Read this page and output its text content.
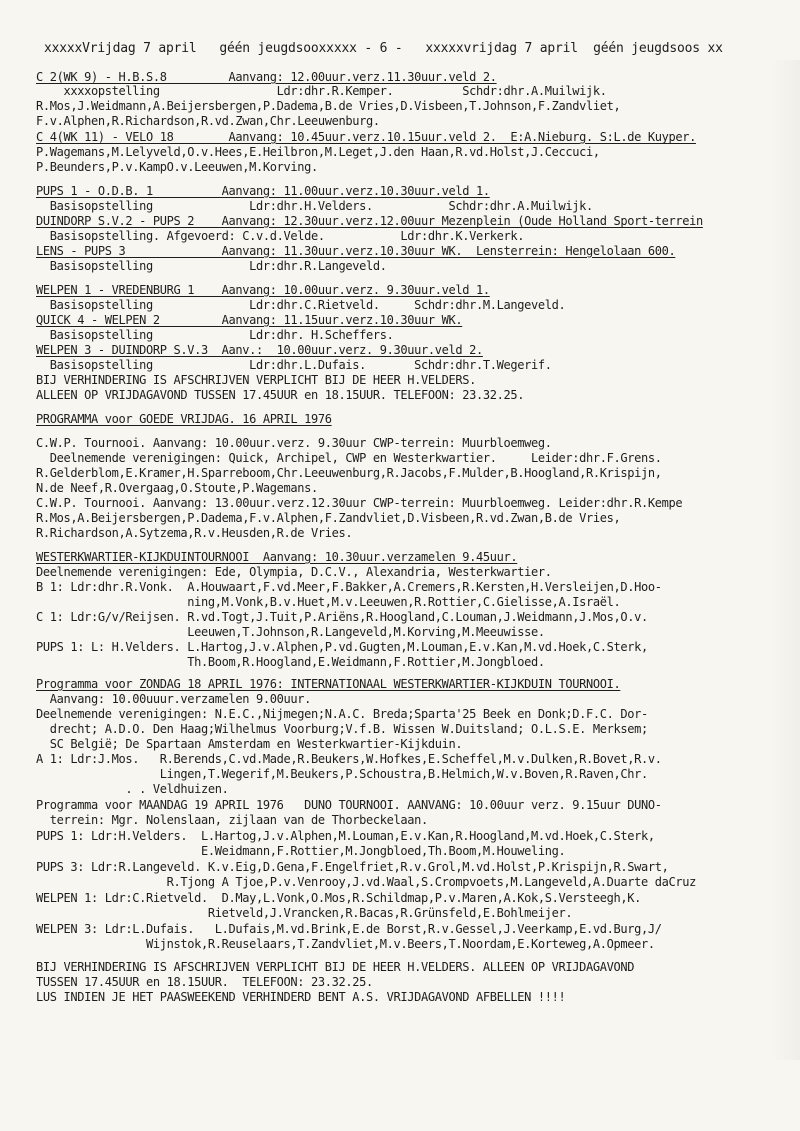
xxxxxVrijdag 7 april   géén jeugdsooxxxxx - 6 -   xxxxxvrijdag 7 april  géén jeugdsoos xx
C 2(WK 9) - H.B.S.8         Aanvang: 12.00uur.verz.11.30uur.veld 2.
xxxxopstelling                 Ldr:dhr.R.Kemper.          Schdr:dhr.A.Muilwijk.
R.Mos,J.Weidmann,A.Beijersbergen,P.Dadema,B.de Vries,D.Visbeen,T.Johnson,F.Zandvliet,
F.v.Alphen,R.Richardson,R.vd.Zwan,Chr.Leeuwenburg.
C 4(WK 11) - VELO 18        Aanvang: 10.45uur.verz.10.15uur.veld 2.  E:A.Nieburg. S:L.de Kuyper.
P.Wagemans,M.Lelyveld,O.v.Hees,E.Heilbron,M.Leget,J.den Haan,R.vd.Holst,J.Ceccuci,
P.Beunders,P.v.KampO.v.Leeuwen,M.Korving.
PUPS 1 - O.D.B. 1          Aanvang: 11.00uur.verz.10.30uur.veld 1.
Basisopstelling              Ldr:dhr.H.Velders.           Schdr:dhr.A.Muilwijk.
DUINDORP S.V.2 - PUPS 2    Aanvang: 12.30uur.verz.12.00uur Mezenplein (Oude Holland Sport-terrein
Basisopstelling. Afgevoerd: C.v.d.Velde.           Ldr:dhr.K.Verkerk.
LENS - PUPS 3              Aanvang: 11.30uur.verz.10.30uur WK.  Lensterrein: Hengelolaan 600.
Basisopstelling              Ldr:dhr.R.Langeveld.
WELPEN 1 - VREDENBURG 1    Aanvang: 10.00uur.verz. 9.30uur.veld 1.
Basisopstelling              Ldr:dhr.C.Rietveld.     Schdr:dhr.M.Langeveld.
QUICK 4 - WELPEN 2         Aanvang: 11.15uur.verz.10.30uur WK.
Basisopstelling              Ldr:dhr. H.Scheffers.
WELPEN 3 - DUINDORP S.V.3  Aanv.:  10.00uur.verz. 9.30uur.veld 2.
Basisopstelling              Ldr:dhr.L.Dufais.       Schdr:dhr.T.Wegerif.
BIJ VERHINDERING IS AFSCHRIJVEN VERPLICHT BIJ DE HEER H.VELDERS.
ALLEEN OP VRIJDAGAVOND TUSSEN 17.45UUR en 18.15UUR. TELEFOON: 23.32.25.
PROGRAMMA voor GOEDE VRIJDAG. 16 APRIL 1976
C.W.P. Tournooi. Aanvang: 10.00uur.verz. 9.30uur CWP-terrein: Muurbloemweg.
Deelnemende verenigingen: Quick, Archipel, CWP en Westerkwartier.     Leider:dhr.F.Grens.
R.Gelderblom,E.Kramer,H.Sparreboom,Chr.Leeuwenburg,R.Jacobs,F.Mulder,B.Hoogland,R.Krispijn,
N.de Neef,R.Overgaag,O.Stoute,P.Wagemans.
C.W.P. Tournooi. Aanvang: 13.00uur.verz.12.30uur CWP-terrein: Muurbloemweg. Leider:dhr.R.Kempe
R.Mos,A.Beijersbergen,P.Dadema,F.v.Alphen,F.Zandvliet,D.Visbeen,R.vd.Zwan,B.de Vries,
R.Richardson,A.Sytzema,R.v.Heusden,R.de Vries.
WESTERKWARTIER-KIJKDUINTOURNOOI  Aanvang: 10.30uur.verzamelen 9.45uur.
Deelnemende verenigingen: Ede, Olympia, D.C.V., Alexandria, Westerkwartier.
B 1: Ldr:dhr.R.Vonk.  A.Houwaart,F.vd.Meer,F.Bakker,A.Cremers,R.Kersten,H.Versleijen,D.Hoo-
ning,M.Vonk,B.v.Huet,M.v.Leeuwen,R.Rottier,C.Gielisse,A.Israël.
C 1: Ldr:G/v/Reijsen. R.vd.Togt,J.Tuit,P.Ariëns,R.Hoogland,C.Louman,J.Weidmann,J.Mos,O.v.
Leeuwen,T.Johnson,R.Langeveld,M.Korving,M.Meeuwisse.
PUPS 1: L: H.Velders. L.Hartog,J.v.Alphen,P.vd.Gugten,M.Louman,E.v.Kan,M.vd.Hoek,C.Sterk,
Th.Boom,R.Hoogland,E.Weidmann,F.Rottier,M.Jongbloed.
Programma voor ZONDAG 18 APRIL 1976: INTERNATIONAAL WESTERKWARTIER-KIJKDUIN TOURNOOI.
Aanvang: 10.00uuur.verzamelen 9.00uur.
Deelnemende verenigingen: N.E.C.,Nijmegen;N.A.C. Breda;Sparta'25 Beek en Donk;D.F.C. Dor-
drecht; A.D.O. Den Haag;Wilhelmus Voorburg;V.f.B. Wissen W.Duitsland; O.L.S.E. Merksem;
SC België; De Spartaan Amsterdam en Westerkwartier-Kijkduin.
A 1: Ldr:J.Mos.   R.Berends,C.vd.Made,R.Beukers,W.Hofkes,E.Scheffel,M.v.Dulken,R.Bovet,R.v.
Lingen,T.Wegerif,M.Beukers,P.Schoustra,B.Helmich,W.v.Boven,R.Raven,Chr.
. . Veldhuizen.
Programma voor MAANDAG 19 APRIL 1976   DUNO TOURNOOI. AANVANG: 10.00uur verz. 9.15uur DUNO-
terrein: Mgr. Nolenslaan, zijlaan van de Thorbeckelaan.
PUPS 1: Ldr:H.Velders.  L.Hartog,J.v.Alphen,M.Louman,E.v.Kan,R.Hoogland,M.vd.Hoek,C.Sterk,
E.Weidmann,F.Rottier,M.Jongbloed,Th.Boom,M.Houweling.
PUPS 3: Ldr:R.Langeveld. K.v.Eig,D.Gena,F.Engelfriet,R.v.Grol,M.vd.Holst,P.Krispijn,R.Swart,
R.Tjong A Tjoe,P.v.Venrooy,J.vd.Waal,S.Crompvoets,M.Langeveld,A.Duarte daCruz
WELPEN 1: Ldr:C.Rietveld.  D.May,L.Vonk,O.Mos,R.Schildmap,P.v.Maren,A.Kok,S.Versteegh,K.
Rietveld,J.Vrancken,R.Bacas,R.Grünsfeld,E.Bohlmeijer.
WELPEN 3: Ldr:L.Dufais.   L.Dufais,M.vd.Brink,E.de Borst,R.v.Gessel,J.Veerkamp,E.vd.Burg,J/
Wijnstok,R.Reuselaars,T.Zandvliet,M.v.Beers,T.Noordam,E.Korteweg,A.Opmeer.
BIJ VERHINDERING IS AFSCHRIJVEN VERPLICHT BIJ DE HEER H.VELDERS. ALLEEN OP VRIJDAGAVOND
TUSSEN 17.45UUR en 18.15UUR.  TELEFOON: 23.32.25.
LUS INDIEN JE HET PAASWEEKEND VERHINDERD BENT A.S. VRIJDAGAVOND AFBELLEN !!!!
